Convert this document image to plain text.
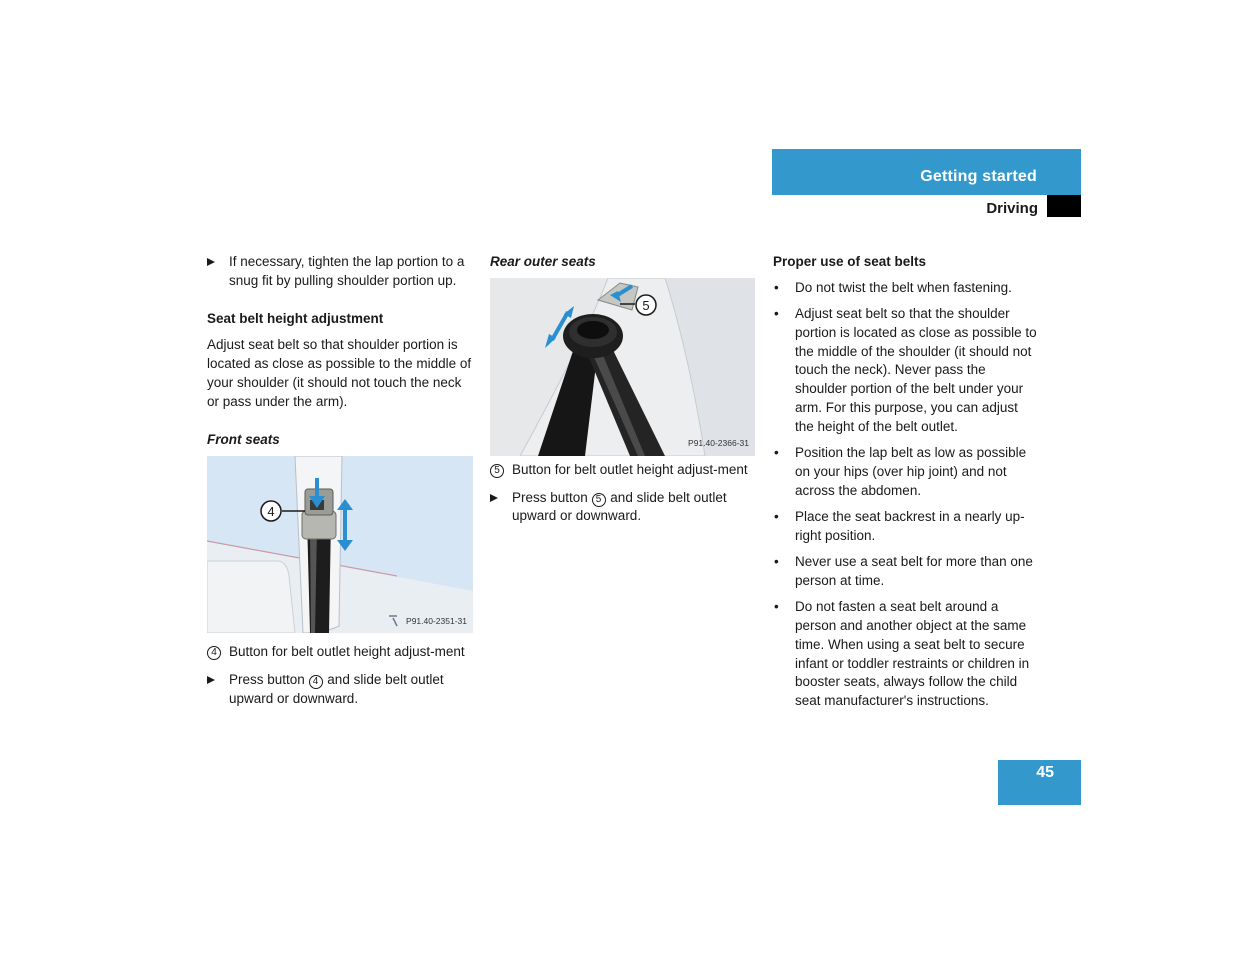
Getting started
Driving
If necessary, tighten the lap portion to a snug fit by pulling shoulder portion up.
Seat belt height adjustment

Adjust seat belt so that shoulder portion is located as close as possible to the middle of your shoulder (it should not touch the neck or pass under the arm).

Front seats
4
P91.40-2351-31
4 Button for belt outlet height adjust-ment
Press button 4 and slide belt outlet upward or downward.
Rear outer seats
5
P91.40-2366-31
5 Button for belt outlet height adjust-ment
Press button 5 and slide belt outlet upward or downward.
Proper use of seat belts
• Do not twist the belt when fastening.
• Adjust seat belt so that the shoulder portion is located as close as possible to the middle of the shoulder (it should not touch the neck). Never pass the shoulder portion of the belt under your arm. For this purpose, you can adjust the height of the belt outlet.
• Position the lap belt as low as possible on your hips (over hip joint) and not across the abdomen.
• Place the seat backrest in a nearly up-right position.
• Never use a seat belt for more than one person at time.
• Do not fasten a seat belt around a person and another object at the same time. When using a seat belt to secure infant or toddler restraints or children in booster seats, always follow the child seat manufacturer's instructions.
45
